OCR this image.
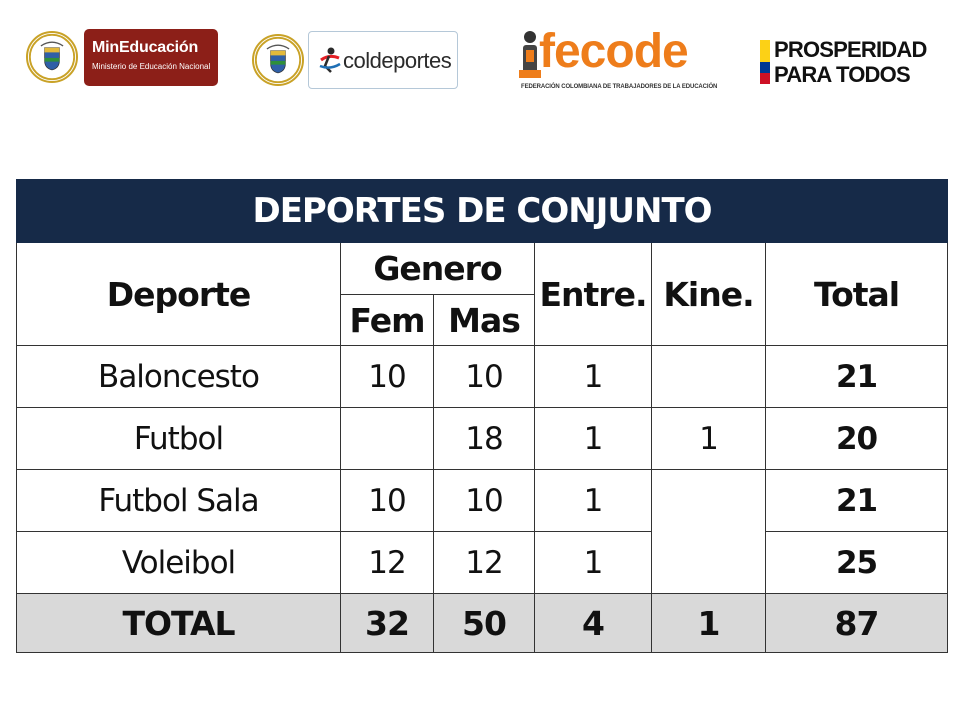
MinEducación
Ministerio de Educación Nacional	coldeportes fecode
FEDERACIÓN COLOMBIANA DE TRABAJADORES DE LA EDUCACIÓN
PROSPERIDAD
PARA TODOS
DEPORTES DE CONJUNTO					
Deporte	Genero		Entre.	Kine.	Total
	Fem	Mas			
Baloncesto	10	10	1		21
Futbol		18	1	1	20
Futbol Sala	10	10	1		21
Voleibol	12	12	1		25
TOTAL	32	50	4	1	87
